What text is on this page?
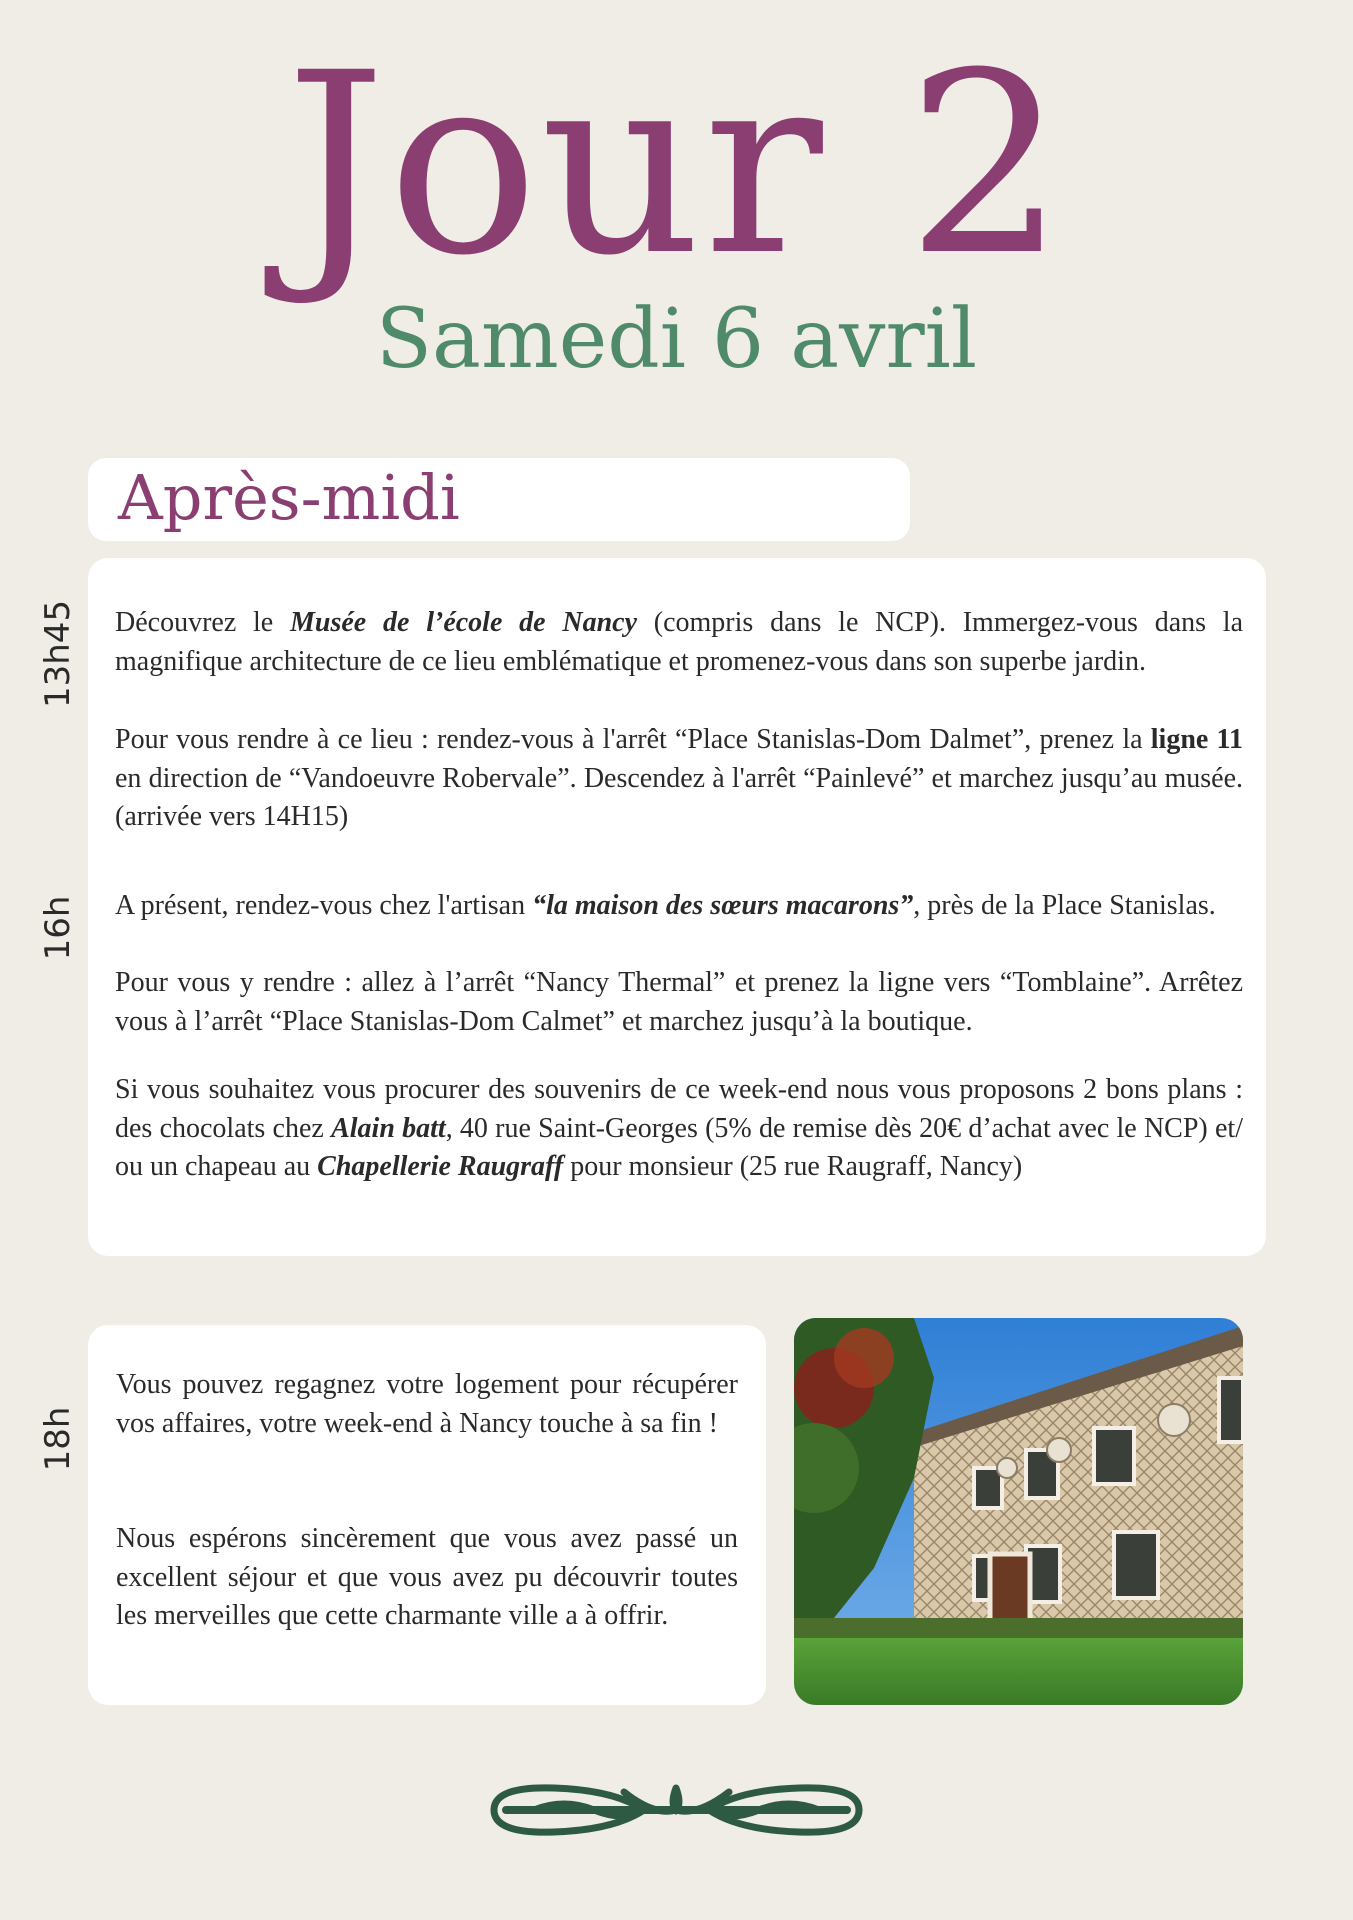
Jour 2
Samedi 6 avril
Après-midi
13h45 Découvrez le Musée de l’école de Nancy (compris dans le NCP). Immergez-vous dans la magnifique architecture de ce lieu emblématique et promenez-vous dans son superbe jardin.
Pour vous rendre à ce lieu : rendez-vous à l'arrêt “Place Stanislas-Dom Dalmet”, prenez la ligne 11 en direction de “Vandoeuvre Robervale”. Descendez à l'arrêt “Painlevé” et marchez jusqu’au musée. (arrivée vers 14H15)
16h A présent, rendez-vous chez l'artisan “la maison des sœurs macarons”, près de la Place Stanislas.
Pour vous y rendre : allez à l’arrêt “Nancy Thermal” et prenez la ligne vers “Tomblaine”. Arrêtez vous à l’arrêt “Place Stanislas-Dom Calmet” et marchez jusqu’à la boutique.
Si vous souhaitez vous procurer des souvenirs de ce week-end nous vous proposons 2 bons plans : des chocolats chez Alain batt, 40 rue Saint-Georges (5% de remise dès 20€ d’achat avec le NCP) et/ ou un chapeau au Chapellerie Raugraff pour monsieur (25 rue Raugraff, Nancy)
18h
Vous pouvez regagnez votre logement pour récupérer vos affaires, votre week-end à Nancy touche à sa fin !
Nous espérons sincèrement que vous avez passé un excellent séjour et que vous avez pu découvrir toutes les merveilles que cette charmante ville a à offrir.
